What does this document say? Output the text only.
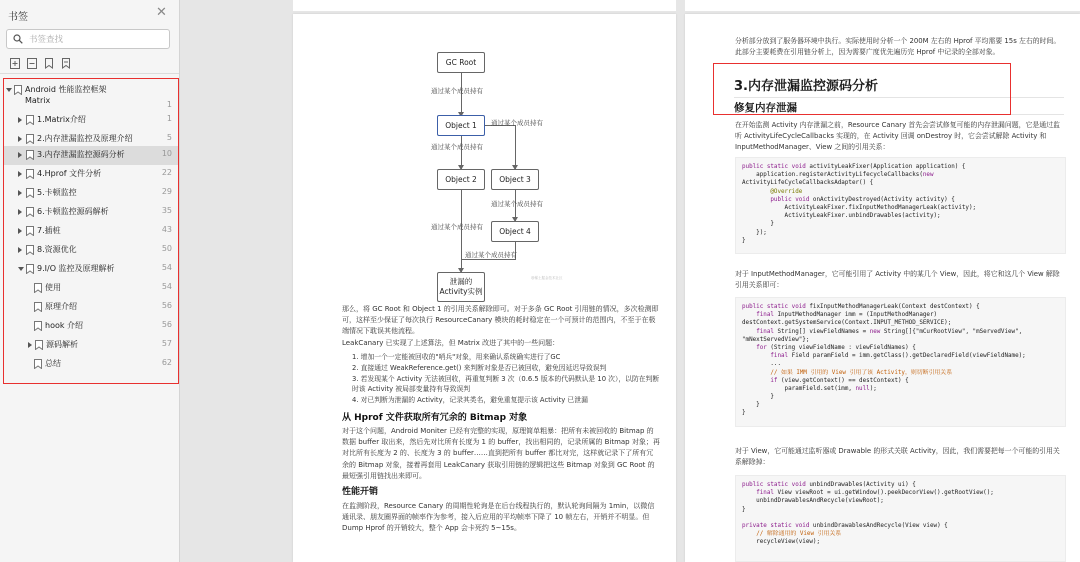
书签	✕
书签查找
Android 性能监控框架 Matrix	1
1.Matrix介绍	1
2.内存泄漏监控及原理介绍	5
3.内存泄漏监控源码分析	10
4.Hprof 文件分析	22
5.卡顿监控	29
6.卡顿监控源码解析	35
7.插桩	43
8.资源优化	50
9.I/O 监控及原理解析	54
使用	54
原理介绍	56
hook 介绍	56
源码解析	57
总结	62
GC Root
通过某个成员持有
Object 1
通过某个成员持有
通过某个成员持有
Object 2	Object 3
通过某个成员持有
Object 4
通过某个成员持有
通过某个成员持有
泄漏的
Activity实例
@稀土掘金技术社区
那么，将 GC Root 和 Object 1 的引用关系解除即可。对于多条 GC Root 引用链的情况，多次检测即可，这样至少保证了每次执行 ResourceCanary 模块的耗时稳定在一个可预计的范围内，不至于在极端情况下耽误其他流程。
LeakCanary 已实现了上述算法，但 Matrix 改进了其中的一些问题：
1. 增加一个一定能被回收的"哨兵"对象，用来确认系统确实进行了GC
2. 直接通过 WeakReference.get() 来判断对象是否已被回收，避免因延迟导致误判
3. 若发现某个 Activity 无法被回收，再重复判断 3 次（0.6.5 版本的代码默认是 10 次），以防在判断时该 Activity 被局部变量持有导致误判
4. 对已判断为泄漏的 Activity，记录其类名，避免重复提示该 Activity 已泄漏
从 Hprof 文件获取所有冗余的 Bitmap 对象
对于这个问题，Android Moniter 已经有完整的实现，原理简单粗暴：把所有未被回收的 Bitmap 的数据 buffer 取出来，然后先对比所有长度为 1 的 buffer，找出相同的，记录所属的 Bitmap 对象；再对比所有长度为 2 的、长度为 3 的 buffer……直到把所有 buffer 都比对完，这样就记录下了所有冗余的 Bitmap 对象，接着再套用 LeakCanary 获取引用链的逻辑把这些 Bitmap 对象到 GC Root 的最短强引用链找出来即可。
性能开销
在监测阶段，Resource Canary 的周期性轮询是在后台线程执行的，默认轮询间隔为 1min，以微信通讯录、朋友圈界面的帧率作为参考，接入后应用的平均帧率下降了 10 帧左右，开销并不明显。但 Dump Hprof 的开销较大，整个 App 会卡死约 5~15s。
分析部分放到了服务器环境中执行。实际使用时分析一个 200M 左右的 Hprof 平均需要 15s 左右的时间。此部分主要耗费在引用链分析上，因为需要广度优先遍历完 Hprof 中记录的全部对象。
3.内存泄漏监控源码分析
修复内存泄漏
在开始监测 Activity 内存泄漏之前，Resource Canary 首先会尝试修复可能的内存泄漏问题，它是通过监听 ActivityLifeCycleCallbacks 实现的，在 Activity 回调 onDestroy 时，它会尝试解除 Activity 和 InputMethodManager、View 之间的引用关系：
public static void activityLeakFixer(Application application) {
application.registerActivityLifecycleCallbacks(new
ActivityLifeCycleCallbacksAdapter() {
@Override
public void onActivityDestroyed(Activity activity) {
ActivityLeakFixer.fixInputMethodManagerLeak(activity);
ActivityLeakFixer.unbindDrawables(activity);
}
});
}
对于 InputMethodManager，它可能引用了 Activity 中的某几个 View，因此，将它和这几个 View 解除引用关系即可：
public static void fixInputMethodManagerLeak(Context destContext) {
final InputMethodManager imm = (InputMethodManager)
destContext.getSystemService(Context.INPUT_METHOD_SERVICE);
final String[] viewFieldNames = new String[]{"mCurRootView", "mServedView",
"mNextServedView"};
for (String viewFieldName : viewFieldNames) {
final Field paramField = imm.getClass().getDeclaredField(viewFieldName);
...
// 如果 IMM 引用的 View 引用了该 Activity，则切断引用关系
if (view.getContext() == destContext) {
paramField.set(imm, null);
}
}
}
对于 View，它可能通过监听器或 Drawable 的形式关联 Activity，因此，我们需要把每一个可能的引用关系解除掉：
public static void unbindDrawables(Activity ui) {
final View viewRoot = ui.getWindow().peekDecorView().getRootView();
unbindDrawablesAndRecycle(viewRoot);
}

private static void unbindDrawablesAndRecycle(View view) {
// 解除通用的 View 引用关系
recycleView(view);
